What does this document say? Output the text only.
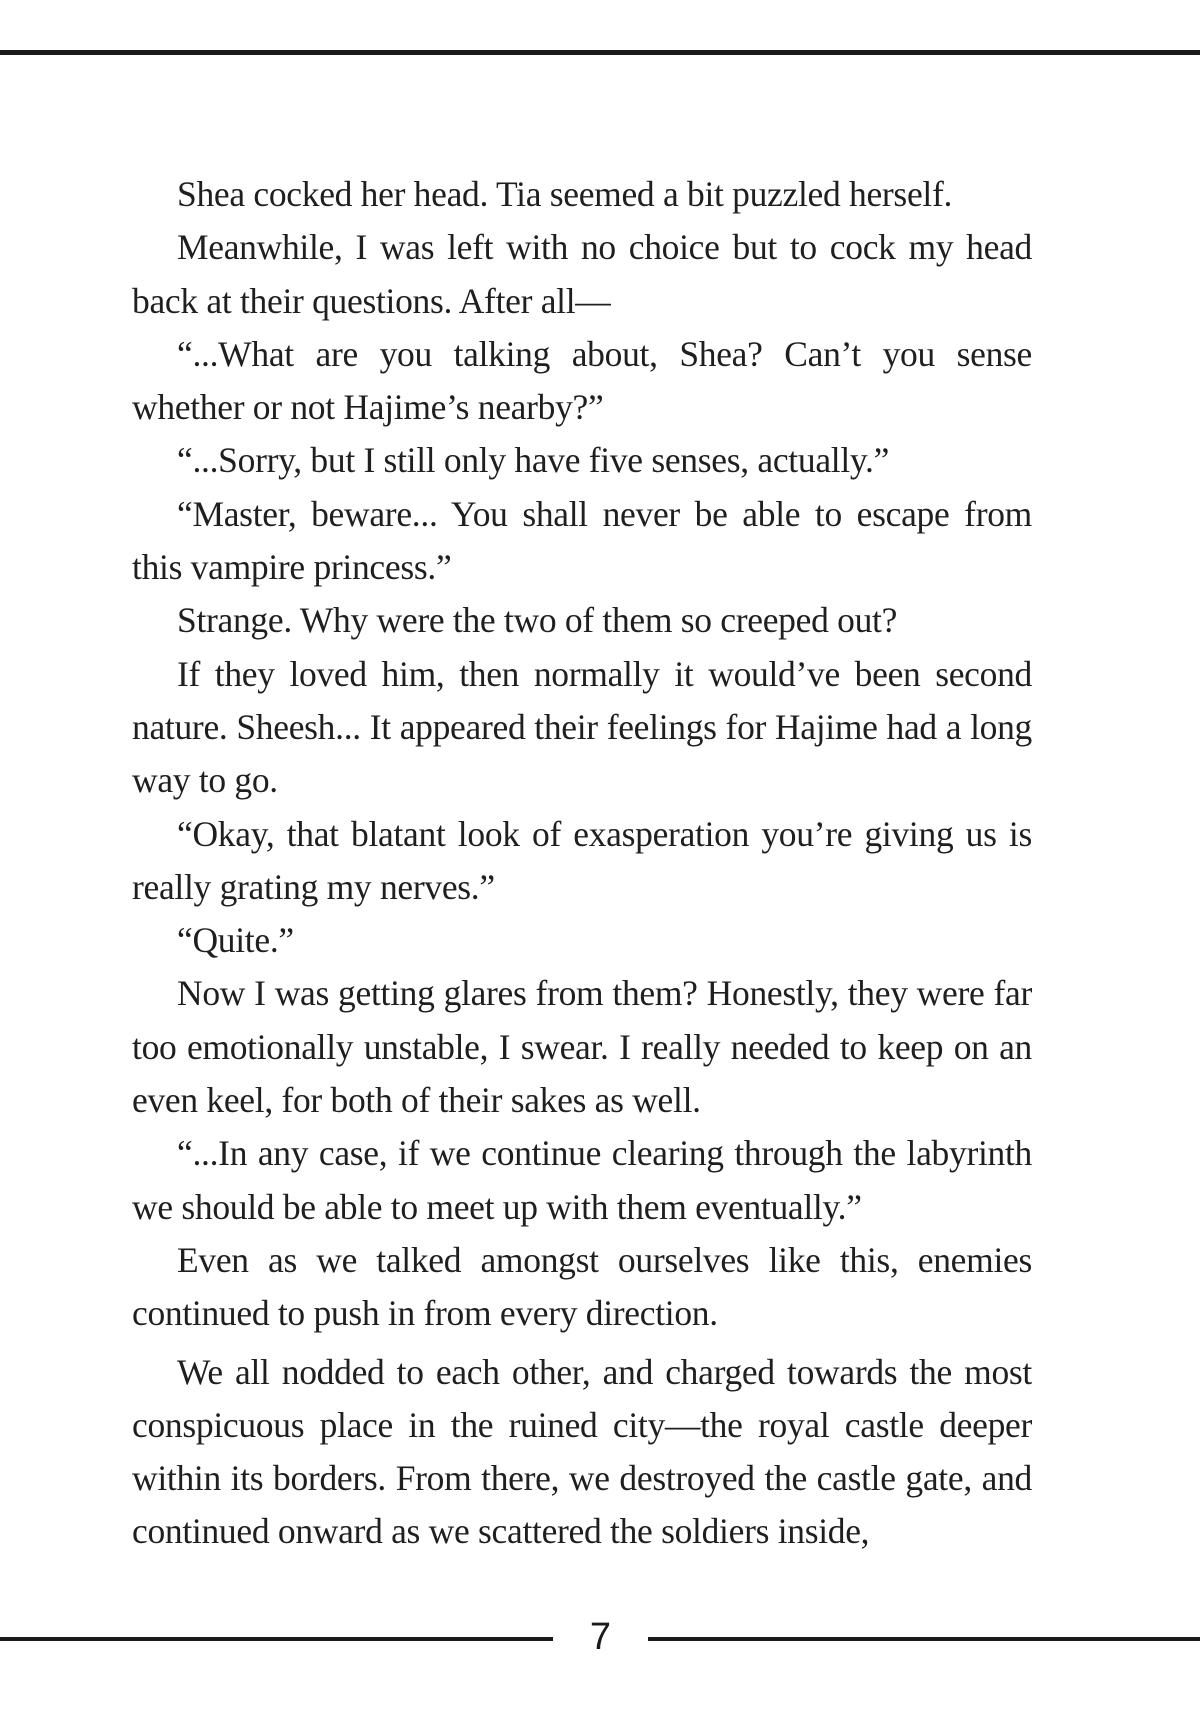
Shea cocked her head. Tia seemed a bit puzzled herself.

Meanwhile, I was left with no choice but to cock my head back at their questions. After all—

“...What are you talking about, Shea? Can’t you sense whether or not Hajime’s nearby?”

“...Sorry, but I still only have five senses, actually.”

“Master, beware... You shall never be able to escape from this vampire princess.”

Strange. Why were the two of them so creeped out?

If they loved him, then normally it would’ve been second nature. Sheesh... It appeared their feelings for Hajime had a long way to go.

“Okay, that blatant look of exasperation you’re giving us is really grating my nerves.”

“Quite.”

Now I was getting glares from them? Honestly, they were far too emotionally unstable, I swear. I really needed to keep on an even keel, for both of their sakes as well.

“...In any case, if we continue clearing through the labyrinth we should be able to meet up with them eventually.”

Even as we talked amongst ourselves like this, enemies continued to push in from every direction.

We all nodded to each other, and charged towards the most conspicuous place in the ruined city—the royal castle deeper within its borders. From there, we destroyed the castle gate, and continued onward as we scattered the soldiers inside,

7
